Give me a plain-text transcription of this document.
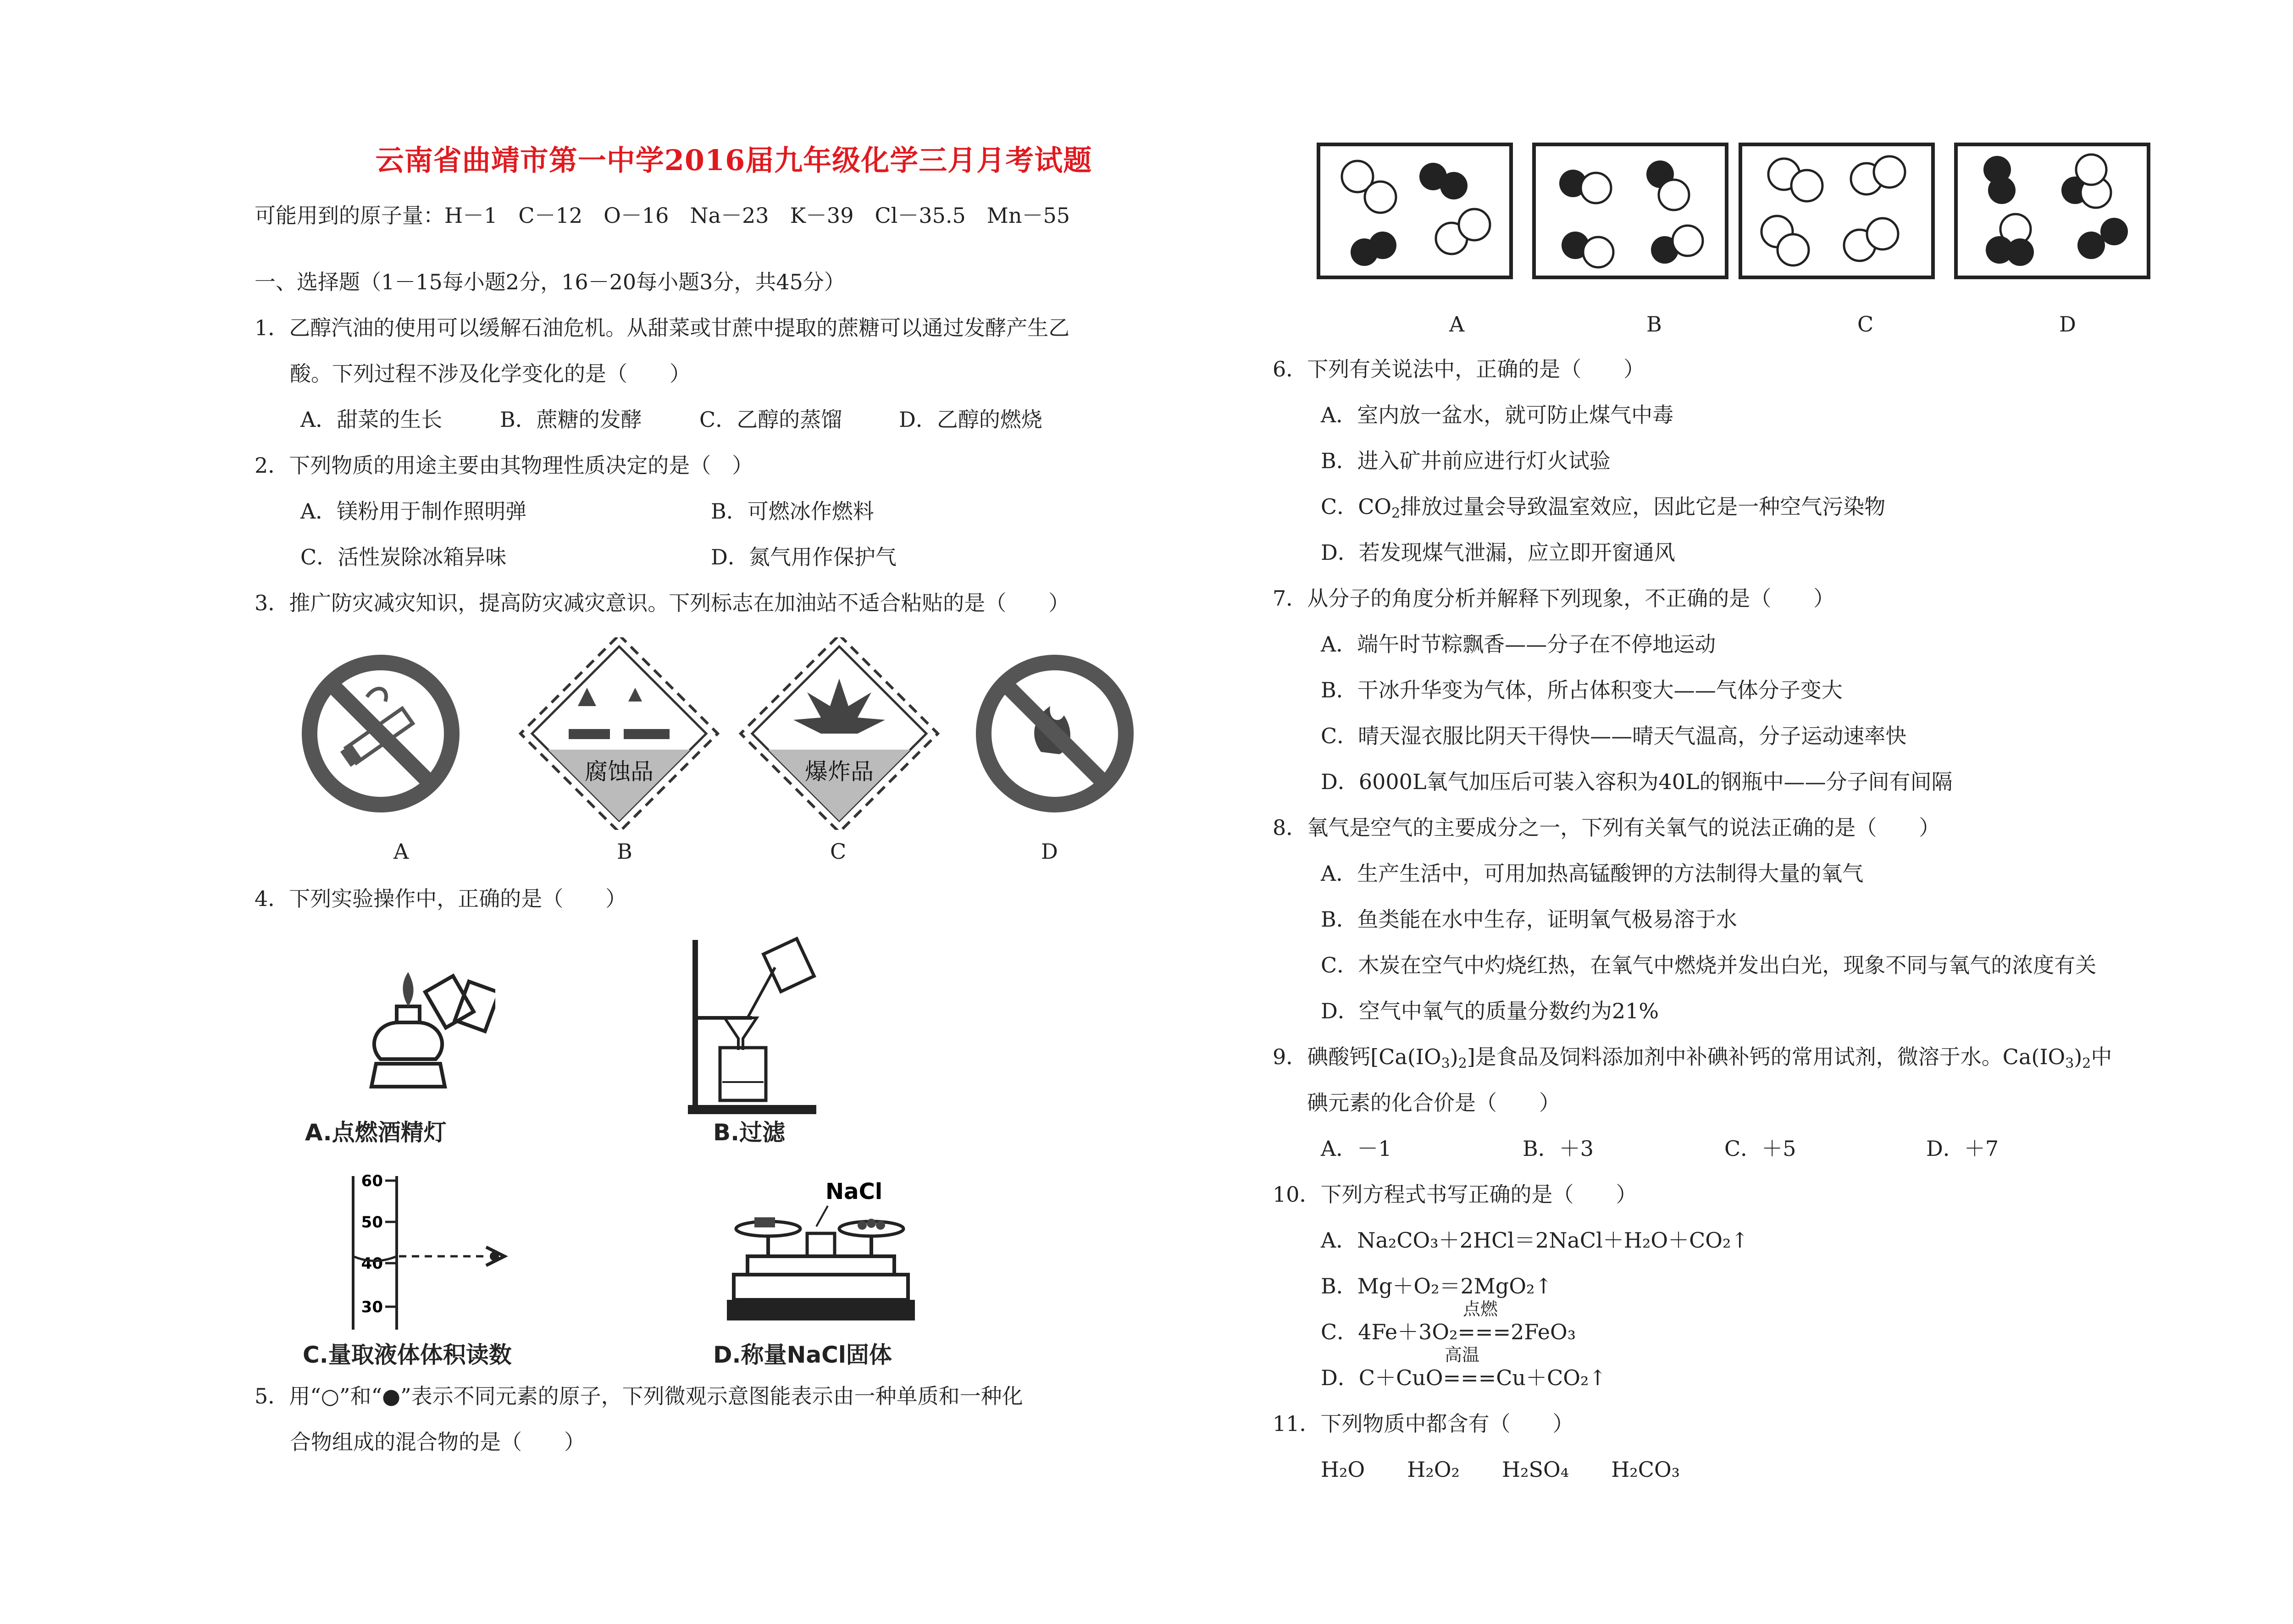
云南省曲靖市第一中学2016届九年级化学三月月考试题
可能用到的原子量：H－1　C－12　O－16　Na－23　K－39　Cl－35.5　Mn－55
一、选择题（1－15每小题2分，16－20每小题3分，共45分）
1．乙醇汽油的使用可以缓解石油危机。从甜菜或甘蔗中提取的蔗糖可以通过发酵产生乙
酸。下列过程不涉及化学变化的是（　　）
A．甜菜的生长	B．蔗糖的发酵	C．乙醇的蒸馏	D．乙醇的燃烧
2．下列物质的用途主要由其物理性质决定的是（　）
A．镁粉用于制作照明弹	B．可燃冰作燃料
C．活性炭除冰箱异味	D．氮气用作保护气
3．推广防灾减灾知识，提高防灾减灾意识。下列标志在加油站不适合粘贴的是（　　）
腐蚀品	爆炸品
A	B	C	D
4．下列实验操作中，正确的是（　　）
A.点燃酒精灯	B.过滤
60
50
40
30
C.量取液体体积读数
NaCl
D.称量NaCl固体
5．用“○”和“●”表示不同元素的原子，下列微观示意图能表示由一种单质和一种化
合物组成的混合物的是（　　）
A	B	C	D
6．下列有关说法中，正确的是（　　）
A．室内放一盆水，就可防止煤气中毒
B．进入矿井前应进行灯火试验
C．$CO_2$排放过量会导致温室效应，因此它是一种空气污染物
D．若发现煤气泄漏，应立即开窗通风
7．从分子的角度分析并解释下列现象，不正确的是（　　）
A．端午时节粽飘香——分子在不停地运动
B．干冰升华变为气体，所占体积变大——气体分子变大
C．晴天湿衣服比阴天干得快——晴天气温高，分子运动速率快
D．6000L氧气加压后可装入容积为40L的钢瓶中——分子间有间隔
8．氧气是空气的主要成分之一，下列有关氧气的说法正确的是（　　）
A．生产生活中，可用加热高锰酸钾的方法制得大量的氧气
B．鱼类能在水中生存，证明氧气极易溶于水
C．木炭在空气中灼烧红热，在氧气中燃烧并发出白光，现象不同与氧气的浓度有关
D．空气中氧气的质量分数约为21%
9．碘酸钙$[Ca(IO_3)_2]$是食品及饲料添加剂中补碘补钙的常用试剂，微溶于水。$Ca(IO_3)_2$中
碘元素的化合价是（　　）
A．－1	B．＋3	C．＋5	D．＋7
10．下列方程式书写正确的是（　　）
A．Na₂CO₃＋2HCl＝2NaCl＋H₂O＋CO₂↑
B．Mg＋O₂＝2MgO₂↑
点燃
C．4Fe＋3O₂===2FeO₃
高温
D．C＋CuO===Cu＋CO₂↑
11．下列物质中都含有（　　）
H₂O　　H₂O₂　　H₂SO₄　　H₂CO₃
